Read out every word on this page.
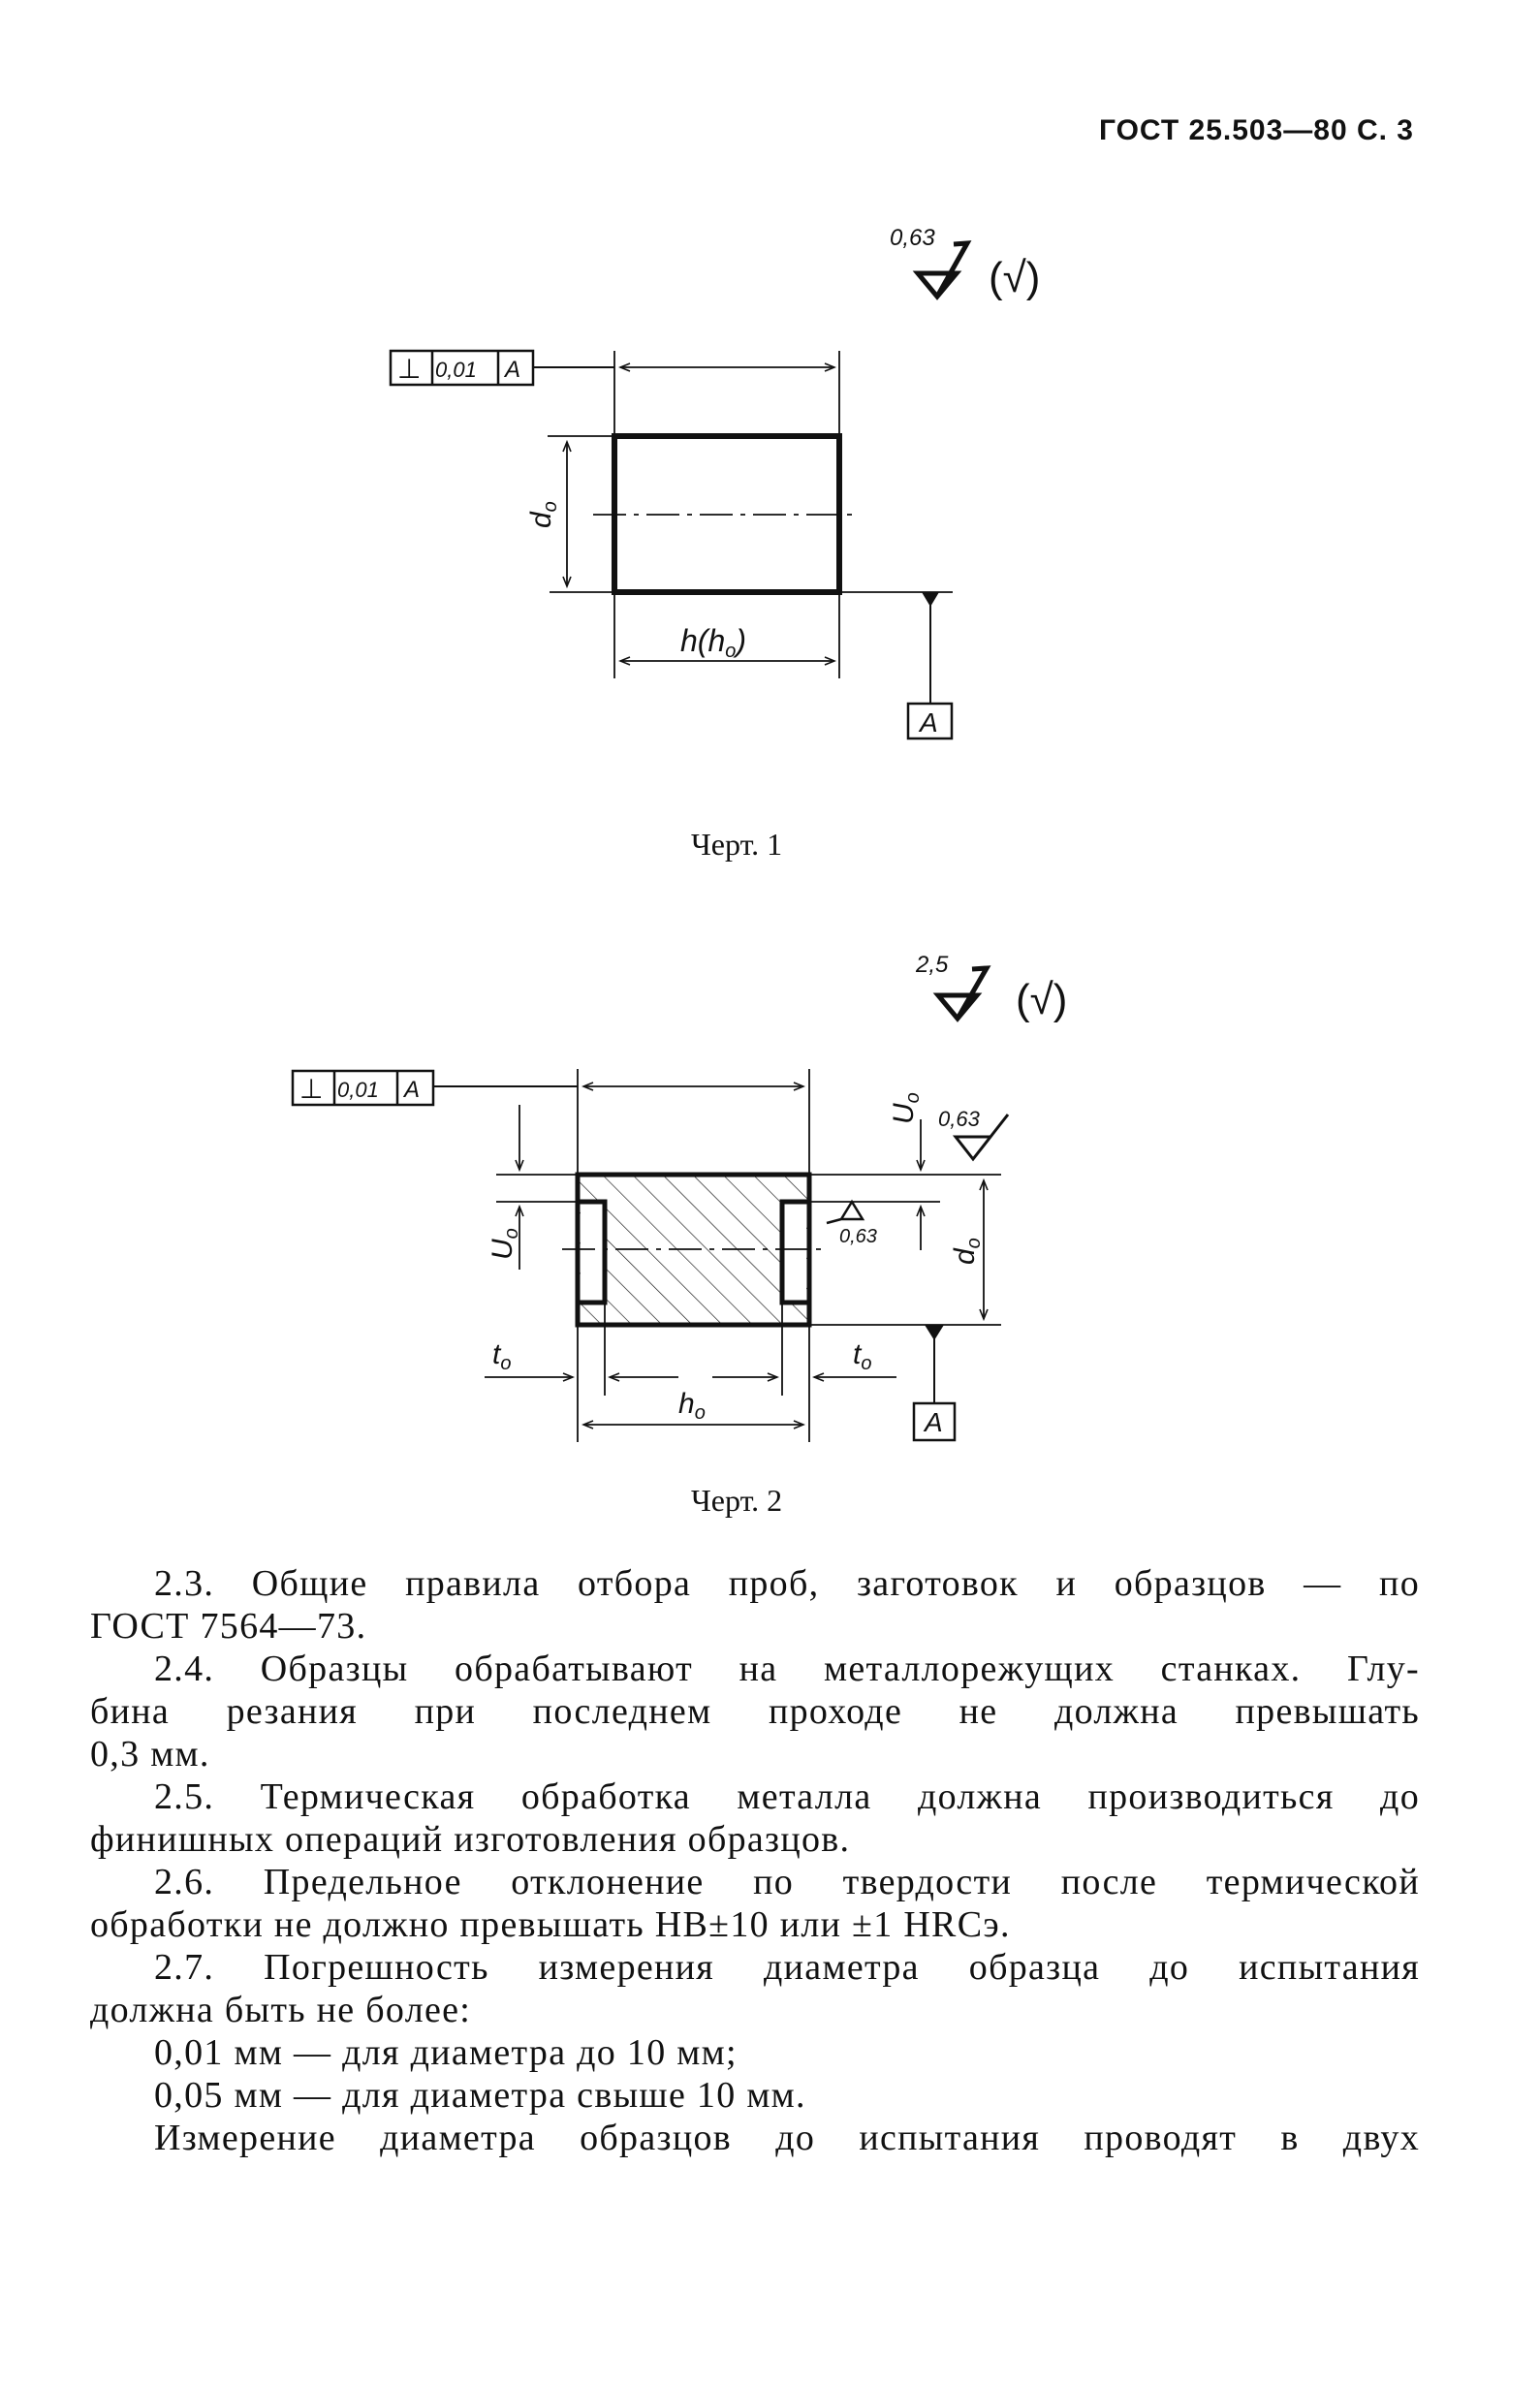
ГОСТ 25.503—80 С. 3
0,63
(√)
⊥ 0,01 A
$d_o$
A
h(ho)
Черт. 1
2,5
(√)
⊥ 0,01 A
$U_o$
$U_o$
0,63
0,63
$d_o$
A
$t_o$	$t_o$
$h_o$
Черт. 2

2.3. Общие правила отбора проб, заготовок и образцов — по

ГОСТ 7564—73.

2.4. Образцы обрабатывают на металлорежущих станках. Глу-

бина резания при последнем проходе не должна превышать

0,3 мм.

2.5. Термическая обработка металла должна производиться до

финишных операций изготовления образцов.

2.6. Предельное отклонение по твердости после термической

обработки не должно превышать НВ±10 или ±1 HRCэ.

2.7. Погрешность измерения диаметра образца до испытания

должна быть не более:

0,01 мм — для диаметра до 10 мм;

0,05 мм — для диаметра свыше 10 мм.

Измерение диаметра образцов до испытания проводят в двух
